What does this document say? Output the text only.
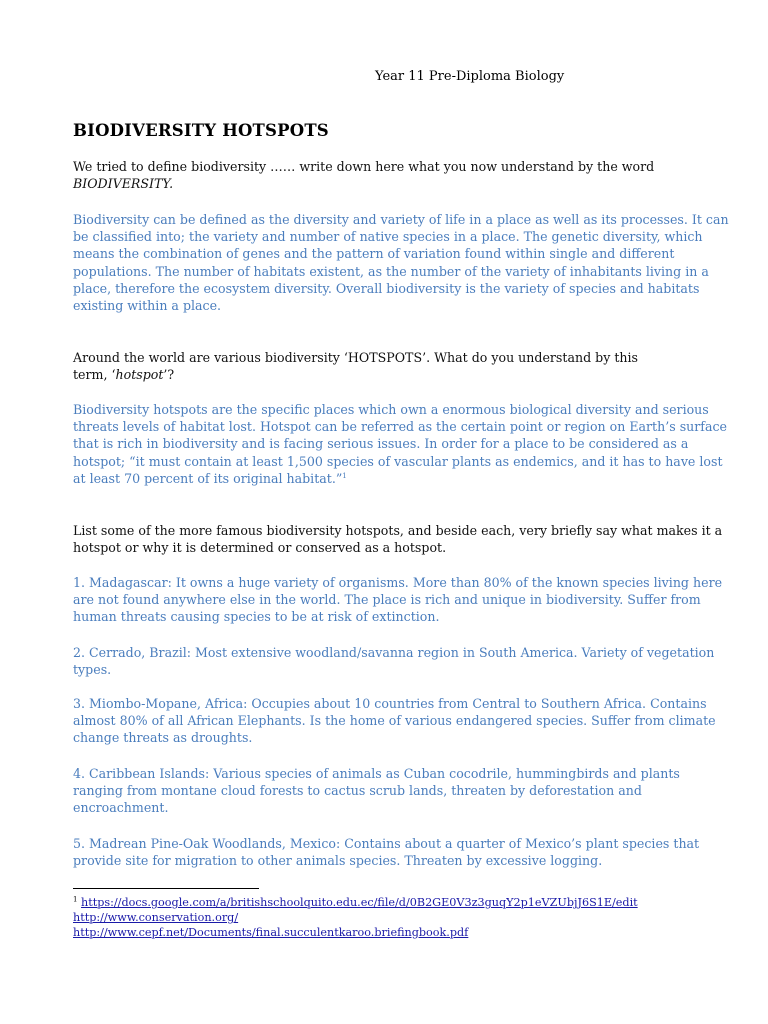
Year 11 Pre-Diploma Biology
BIODIVERSITY HOTSPOTS
We tried to define biodiversity …… write down here what you now understand by the word
BIODIVERSITY.

Biodiversity can be defined as the diversity and variety of life in a place as well as its processes. It can be classified into; the variety and number of native species in a place. The genetic diversity, which means the combination of genes and the pattern of variation found within single and different populations. The number of habitats existent, as the number of the variety of inhabitants living in a place, therefore the ecosystem diversity. Overall biodiversity is the variety of species and habitats existing within a place.

Around the world are various biodiversity ‘HOTSPOTS’. What do you understand by this
term, ‘hotspot’?

Biodiversity hotspots are the specific places which own a enormous biological diversity and serious threats levels of habitat lost. Hotspot can be referred as the certain point or region on Earth’s surface that is rich in biodiversity and is facing serious issues. In order for a place to be considered as a hotspot; “it must contain at least 1,500 species of vascular plants as endemics, and it has to have lost at least 70 percent of its original habitat.”$^1$

List some of the more famous biodiversity hotspots, and beside each, very briefly say what makes it a hotspot or why it is determined or conserved as a hotspot.

1. Madagascar: It owns a huge variety of organisms. More than 80% of the known species living here are not found anywhere else in the world. The place is rich and unique in biodiversity. Suffer from human threats causing species to be at risk of extinction.

2. Cerrado, Brazil: Most extensive woodland/savanna region in South America. Variety of vegetation types.

3. Miombo-Mopane, Africa: Occupies about 10 countries from Central to Southern Africa. Contains almost 80% of all African Elephants. Is the home of various endangered species. Suffer from climate change threats as droughts.

4. Caribbean Islands: Various species of animals as Cuban cocodrile, hummingbirds and plants ranging from montane cloud forests to cactus scrub lands, threaten by deforestation and encroachment.

5. Madrean Pine-Oak Woodlands, Mexico: Contains about a quarter of Mexico’s plant species that provide site for migration to other animals species. Threaten by excessive logging.

$^1$ https://docs.google.com/a/britishschoolquito.edu.ec/file/d/0B2GE0V3z3guqY2p1eVZUbjJ6S1E/edit
http://www.conservation.org/
http://www.cepf.net/Documents/final.succulentkaroo.briefingbook.pdf
